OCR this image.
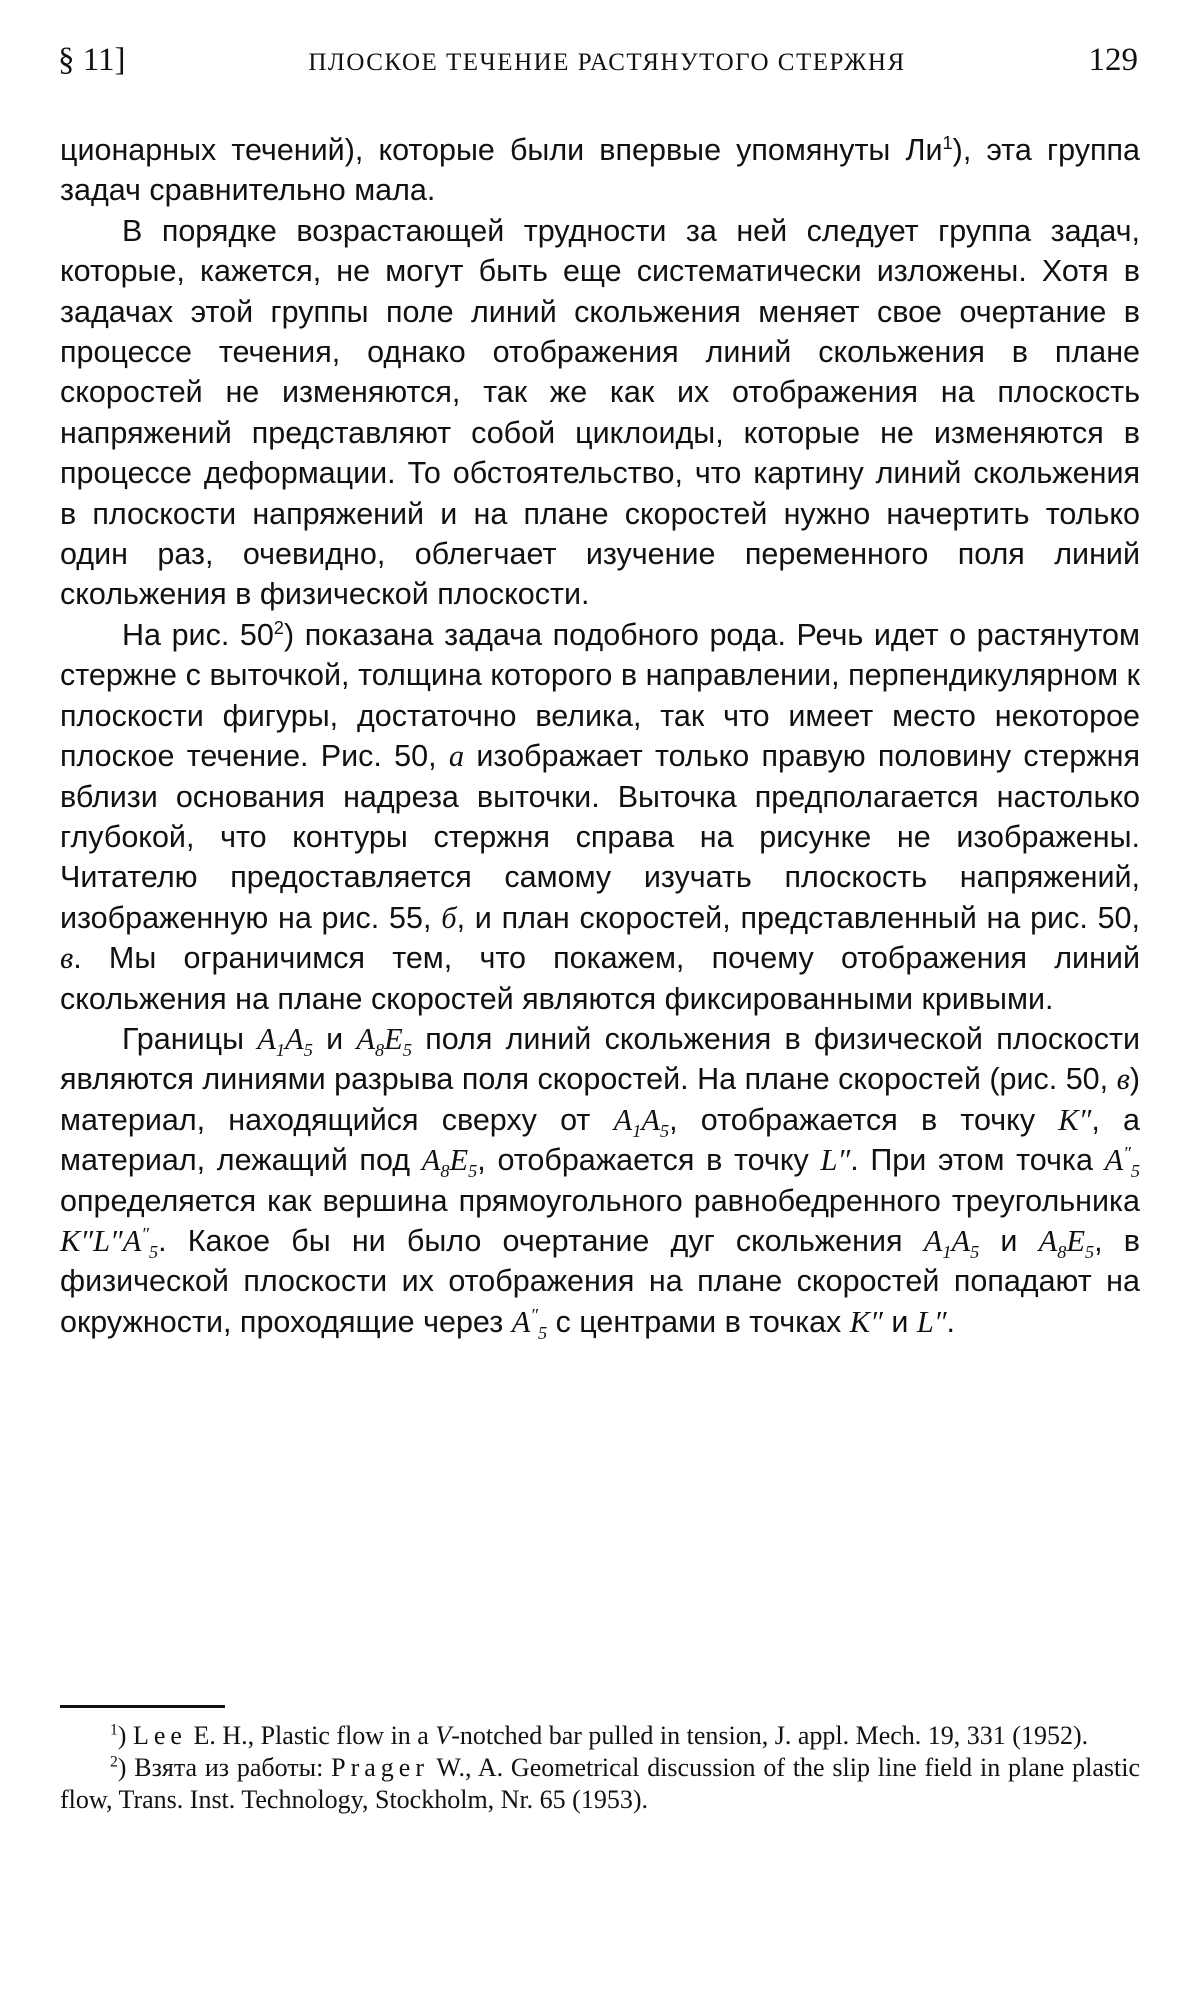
§ 11]	ПЛОСКОЕ ТЕЧЕНИЕ РАСТЯНУТОГО СТЕРЖНЯ	129

ционарных течений), которые были впервые упомянуты $Ли^1$), эта группа задач сравнительно мала.

В порядке возрастающей трудности за ней следует группа задач, которые, кажется, не могут быть еще систематически изложены. Хотя в задачах этой группы поле линий скольжения меняет свое очертание в процессе течения, однако отображения линий скольжения в плане скоростей не изменяются, так же как их отображения на плоскость напряжений представляют собой циклоиды, которые не изменяются в процессе деформации. То обстоятельство, что картину линий скольжения в плоскости напряжений и на плане скоростей нужно начертить только один раз, очевидно, облегчает изучение переменного поля линий скольжения в физической плоскости.

На рис. $50^2$) показана задача подобного рода. Речь идет о растянутом стержне с выточкой, толщина которого в направлении, перпендикулярном к плоскости фигуры, достаточно велика, так что имеет место некоторое плоское течение. Рис. 50, а изображает только правую половину стержня вблизи основания надреза выточки. Выточка предполагается настолько глубокой, что контуры стержня справа на рисунке не изображены. Читателю предоставляется самому изучать плоскость напряжений, изображенную на рис. 55, б, и план скоростей, представленный на рис. 50, в. Мы ограничимся тем, что покажем, почему отображения линий скольжения на плане скоростей являются фиксированными кривыми.

Границы $A_1A_5$ и $A_8E_5$ поля линий скольжения в физической плоскости являются линиями разрыва поля скоростей. На плане скоростей (рис. 50, в) материал, находящийся сверху от $A_1A_5$, отображается в точку K″, а материал, лежащий под $A_8E_5$, отображается в точку L″. При этом точка $A''_5$ определяется как вершина прямоугольного равнобедренного треугольника $K''L''A''_5$. Какое бы ни было очертание дуг скольжения $A_1A_5$ и $A_8E_5$, в физической плоскости их отображения на плане скоростей попадают на окружности, проходящие через $A''_5$ с центрами в точках K″ и L″.

$^1$) Lee E. H., Plastic flow in a V-notched bar pulled in tension, J. appl. Mech. 19, 331 (1952).

$^2$) Взята из работы: Prager W., A. Geometrical discussion of the slip line field in plane plastic flow, Trans. Inst. Technology, Stockholm, Nr. 65 (1953).
